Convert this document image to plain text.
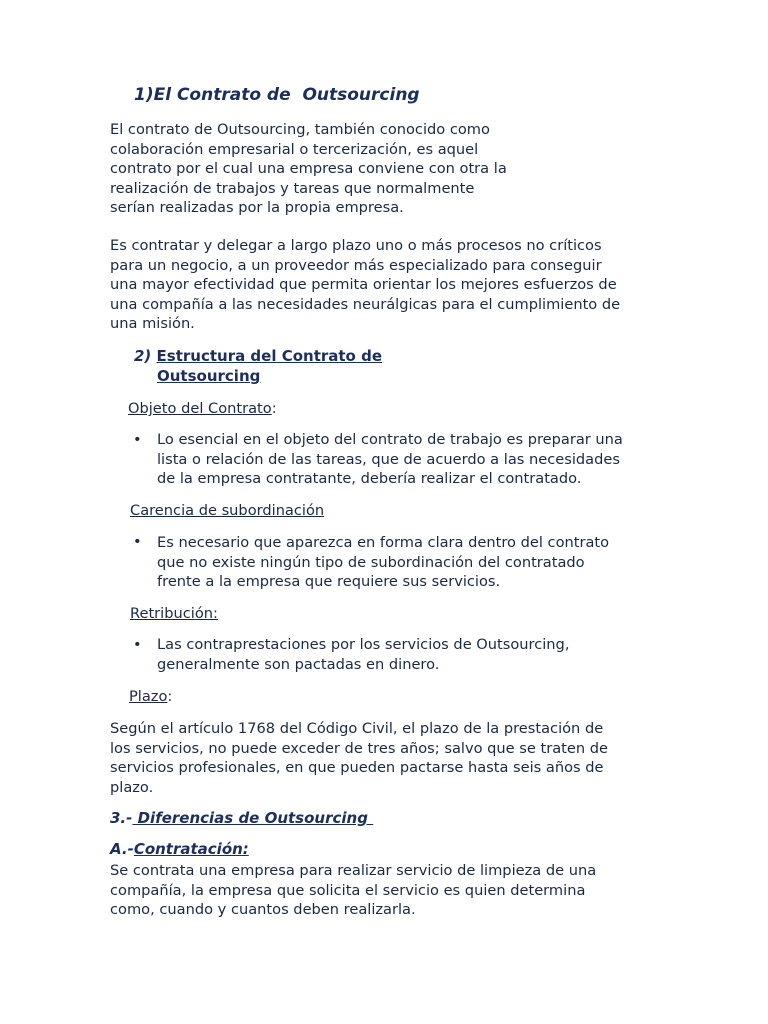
1)El Contrato de  Outsourcing

El contrato de Outsourcing, también conocido como
colaboración empresarial o tercerización, es aquel
contrato por el cual una empresa conviene con otra la
realización de trabajos y tareas que normalmente
serían realizadas por la propia empresa.

Es contratar y delegar a largo plazo uno o más procesos no críticos
para un negocio, a un proveedor más especializado para conseguir
una mayor efectividad que permita orientar los mejores esfuerzos de
una compañía a las necesidades neurálgicas para el cumplimiento de
una misión.

2) Estructura del Contrato de
Outsourcing
Objeto del Contrato:
• Lo esencial en el objeto del contrato de trabajo es preparar una
lista o relación de las tareas, que de acuerdo a las necesidades
de la empresa contratante, debería realizar el contratado.
Carencia de subordinación
• Es necesario que aparezca en forma clara dentro del contrato
que no existe ningún tipo de subordinación del contratado
frente a la empresa que requiere sus servicios.
Retribución:
• Las contraprestaciones por los servicios de Outsourcing,
generalmente son pactadas en dinero.
Plazo:

Según el artículo 1768 del Código Civil, el plazo de la prestación de
los servicios, no puede exceder de tres años; salvo que se traten de
servicios profesionales, en que pueden pactarse hasta seis años de
plazo.

3.- Diferencias de Outsourcing
A.-Contratación:

Se contrata una empresa para realizar servicio de limpieza de una
compañía, la empresa que solicita el servicio es quien determina
como, cuando y cuantos deben realizarla.
